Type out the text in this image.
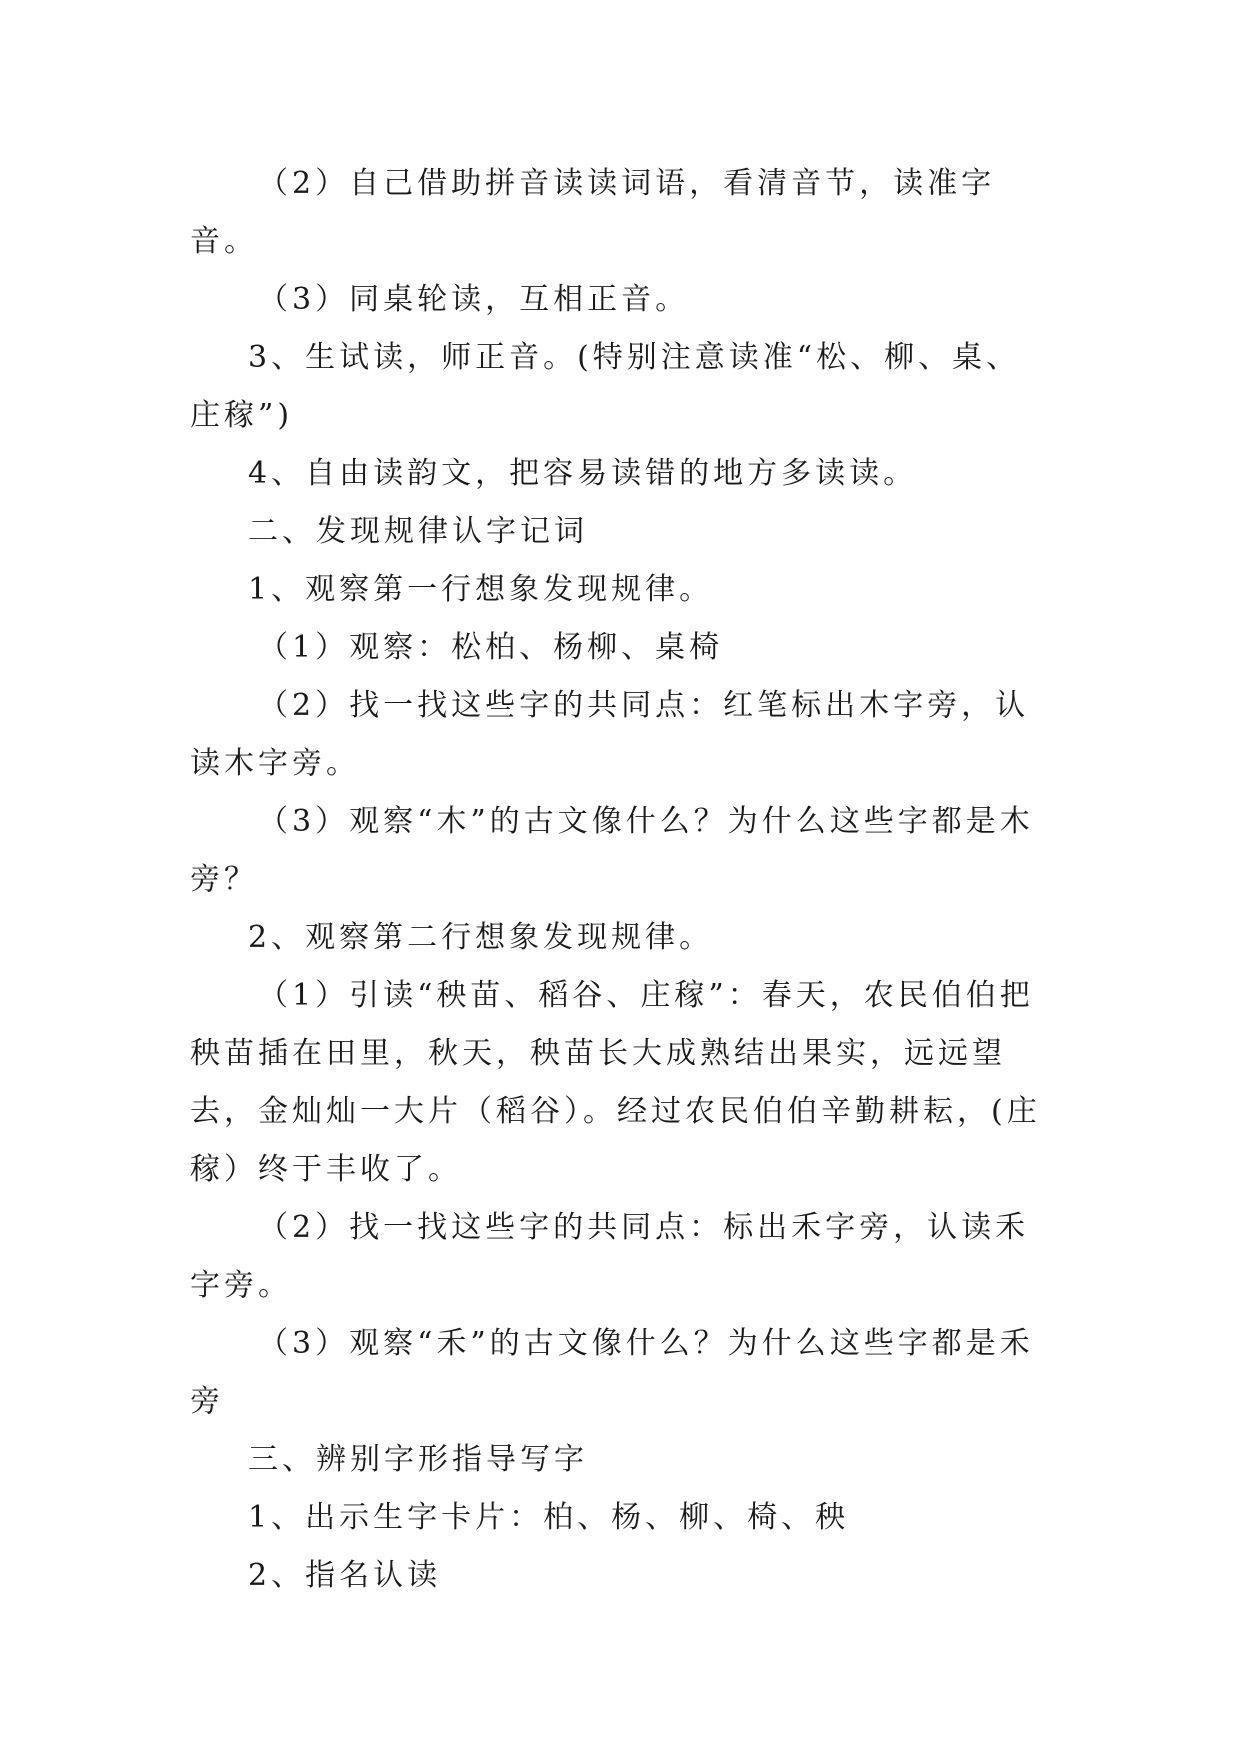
（2）自己借助拼音读读词语，看清音节，读准字音。

（3）同桌轮读，互相正音。

3、生试读，师正音。(特别注意读准“松、柳、桌、庄稼”)

4、自由读韵文，把容易读错的地方多读读。

二、发现规律认字记词

1、观察第一行想象发现规律。

（1）观察：松柏、杨柳、桌椅

（2）找一找这些字的共同点：红笔标出木字旁，认读木字旁。

（3）观察“木”的古文像什么？为什么这些字都是木旁？

2、观察第二行想象发现规律。

（1）引读“秧苗、稻谷、庄稼”：春天，农民伯伯把秧苗插在田里，秋天，秧苗长大成熟结出果实，远远望去，金灿灿一大片（稻谷）。经过农民伯伯辛勤耕耘，(庄稼）终于丰收了。

（2）找一找这些字的共同点：标出禾字旁，认读禾字旁。

（3）观察“禾”的古文像什么？为什么这些字都是禾旁

三、辨别字形指导写字

1、出示生字卡片：柏、杨、柳、椅、秧

2、指名认读
